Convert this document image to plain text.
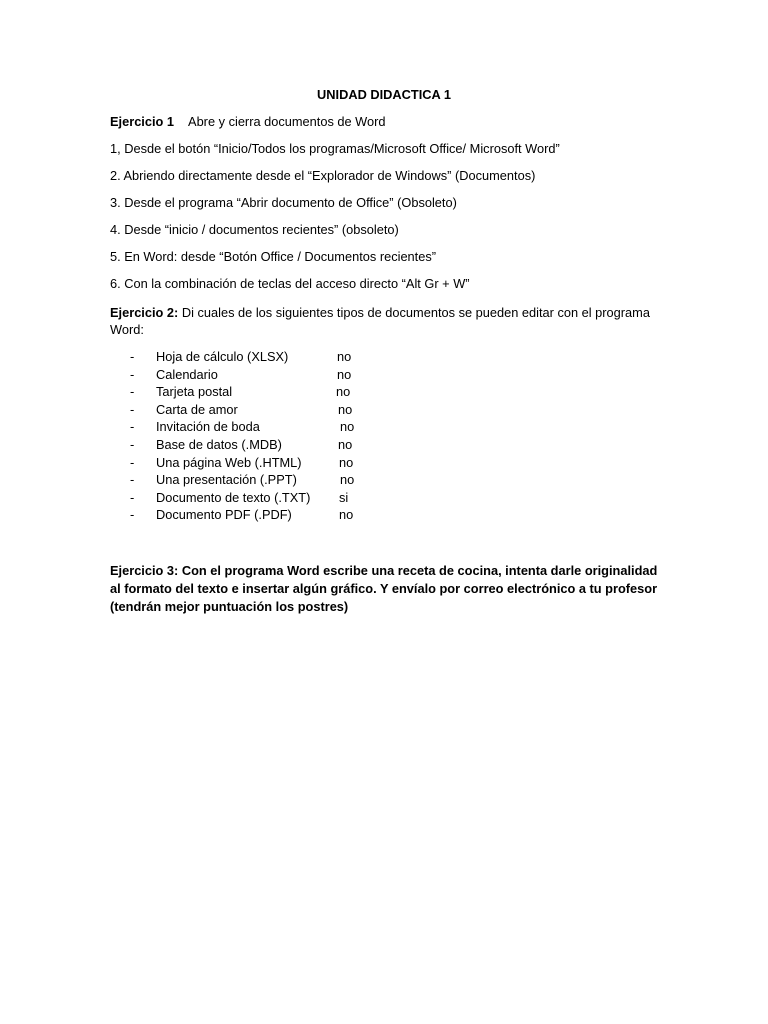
UNIDAD DIDACTICA 1
Ejercicio 1 Abre y cierra documentos de Word
1, Desde el botón “Inicio/Todos los programas/Microsoft Office/ Microsoft Word”
2. Abriendo directamente desde el “Explorador de Windows” (Documentos)
3. Desde el programa “Abrir documento de Office” (Obsoleto)
4. Desde “inicio / documentos recientes” (obsoleto)
5. En Word: desde “Botón Office / Documentos recientes”
6. Con la combinación de teclas del acceso directo “Alt Gr + W”
Ejercicio 2: Di cuales de los siguientes tipos de documentos se pueden editar con el programa Word:
- Hoja de cálculo (XLSX)	no
- Calendario	no
- Tarjeta postal	no
- Carta de amor	no
- Invitación de boda	no
- Base de datos (.MDB)	no
- Una página Web (.HTML)	no
- Una presentación (.PPT)	no
- Documento de texto (.TXT) si
- Documento PDF (.PDF)	no
Ejercicio 3: Con el programa Word escribe una receta de cocina, intenta darle originalidad al formato del texto e insertar algún gráfico. Y envíalo por correo electrónico a tu profesor (tendrán mejor puntuación los postres)
